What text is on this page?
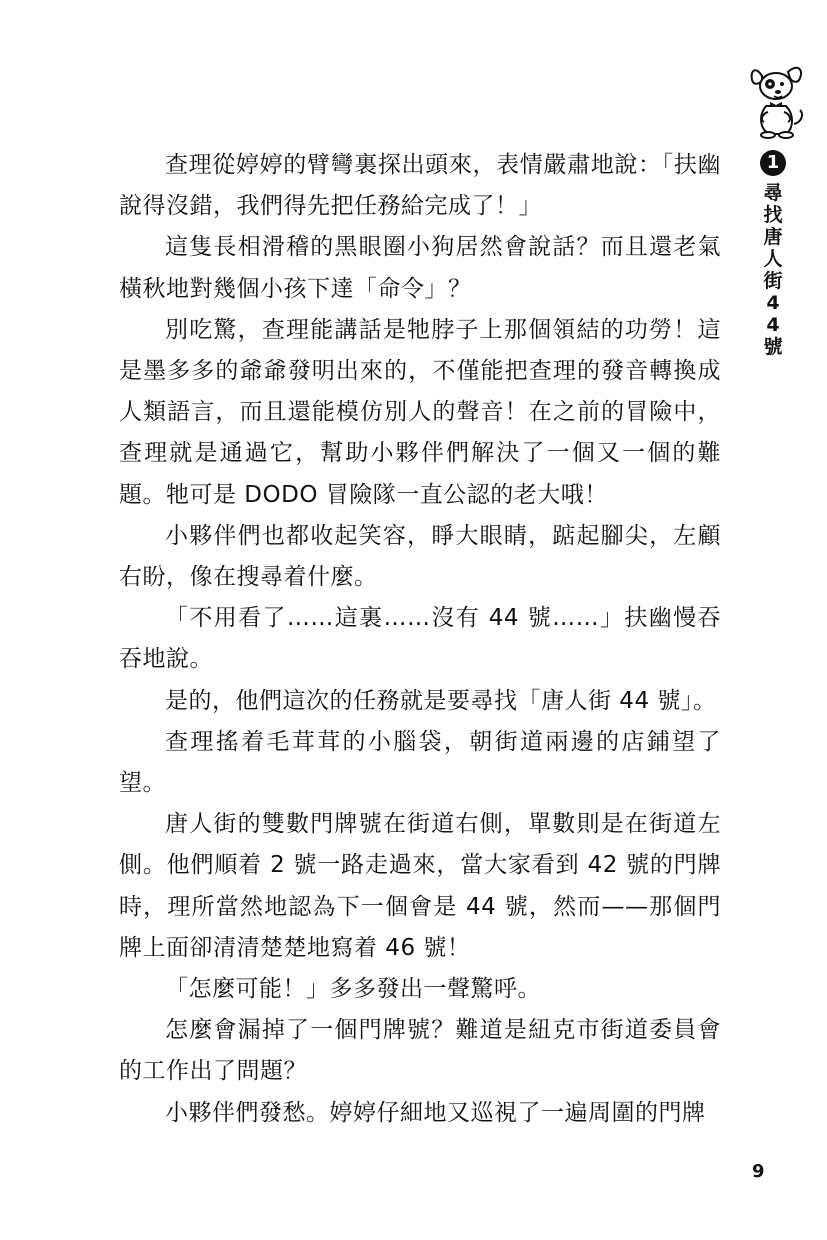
查理從婷婷的臂彎裏探出頭來，表情嚴肅地說：「扶幽說得沒錯，我們得先把任務給完成了！」

這隻長相滑稽的黑眼圈小狗居然會說話？而且還老氣橫秋地對幾個小孩下達「命令」？

別吃驚，查理能講話是牠脖子上那個領結的功勞！這是墨多多的爺爺發明出來的，不僅能把查理的發音轉換成人類語言，而且還能模仿別人的聲音！在之前的冒險中，查理就是通過它，幫助小夥伴們解決了一個又一個的難題。牠可是 DODO 冒險隊一直公認的老大哦！

小夥伴們也都收起笑容，睜大眼睛，踮起腳尖，左顧右盼，像在搜尋着什麼。

「不用看了……這裏……沒有 44 號……」扶幽慢吞吞地說。

是的，他們這次的任務就是要尋找「唐人街 44 號」。

查理搖着毛茸茸的小腦袋，朝街道兩邊的店鋪望了望。

唐人街的雙數門牌號在街道右側，單數則是在街道左側。他們順着 2 號一路走過來，當大家看到 42 號的門牌時，理所當然地認為下一個會是 44 號，然而——那個門牌上面卻清清楚楚地寫着 46 號！

「怎麼可能！」多多發出一聲驚呼。

怎麼會漏掉了一個門牌號？難道是紐克市街道委員會的工作出了問題？

小夥伴們發愁。婷婷仔細地又巡視了一遍周圍的門牌

1
尋找唐人街44號
9
